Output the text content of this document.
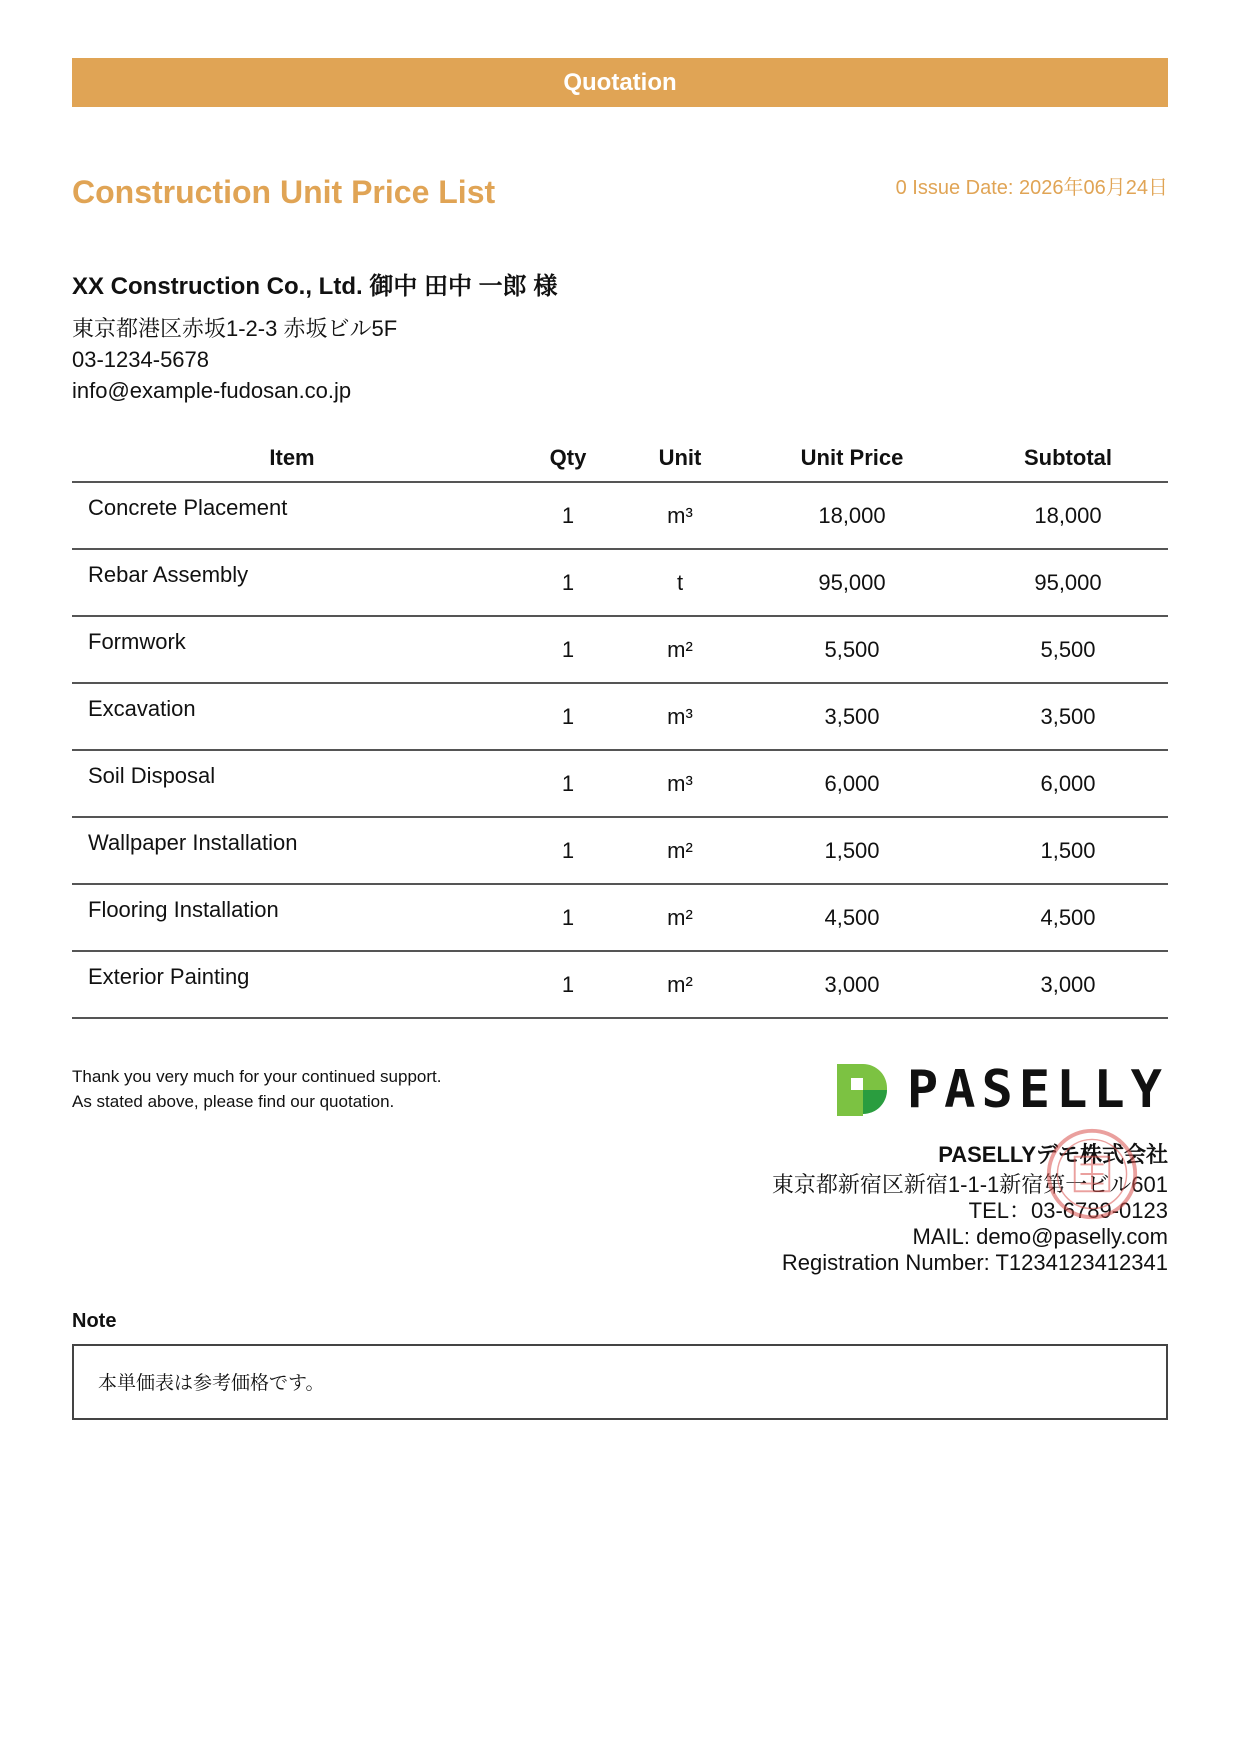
Quotation
Construction Unit Price List	0 Issue Date: 2026年06月24日
XX Construction Co., Ltd. 御中 田中 一郎 様
東京都港区赤坂1-2-3 赤坂ビル5F
03-1234-5678
info@example-fudosan.co.jp
Item	Qty	Unit	Unit Price	Subtotal
Concrete Placement	1	m³	18,000	18,000
Rebar Assembly	1	t	95,000	95,000
Formwork	1	m²	5,500	5,500
Excavation	1	m³	3,500	3,500
Soil Disposal	1	m³	6,000	6,000
Wallpaper Installation	1	m²	1,500	1,500
Flooring Installation	1	m²	4,500	4,500
Exterior Painting	1	m²	3,000	3,000
Thank you very much for your continued support.
As stated above, please find our quotation.	PASELLY
PASELLYデモ株式会社
東京都新宿区新宿1-1-1新宿第一ビル601
TEL：03-6789-0123
MAIL: demo@paselly.com
Registration Number: T1234123412341
Note
本単価表は参考価格です。
